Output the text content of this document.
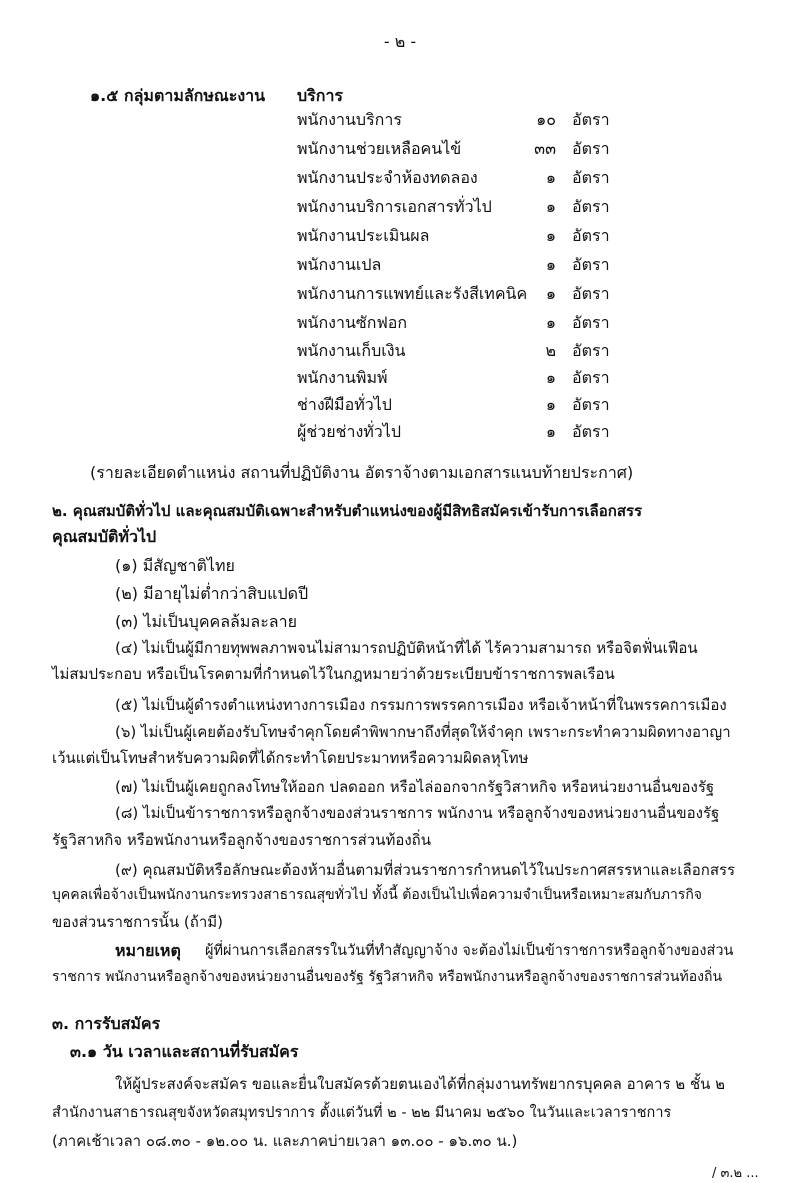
- ๒ -
๑.๕ กลุ่มตามลักษณะงาน บริการ
พนักงานบริการ	๑๐ อัตรา
พนักงานช่วยเหลือคนไข้	๓๓ อัตรา
พนักงานประจำห้องทดลอง	๑ อัตรา
พนักงานบริการเอกสารทั่วไป	๑ อัตรา
พนักงานประเมินผล	๑ อัตรา
พนักงานเปล	๑ อัตรา
พนักงานการแพทย์และรังสีเทคนิค	๑ อัตรา
พนักงานซักฟอก	๑ อัตรา
พนักงานเก็บเงิน	๒ อัตรา
พนักงานพิมพ์	๑ อัตรา
ช่างฝีมือทั่วไป	๑ อัตรา
ผู้ช่วยช่างทั่วไป	๑ อัตรา
(รายละเอียดตำแหน่ง สถานที่ปฏิบัติงาน อัตราจ้างตามเอกสารแนบท้ายประกาศ)
๒. คุณสมบัติทั่วไป และคุณสมบัติเฉพาะสำหรับตำแหน่งของผู้มีสิทธิสมัครเข้ารับการเลือกสรร
คุณสมบัติทั่วไป
(๑) มีสัญชาติไทย
(๒) มีอายุไม่ต่ำกว่าสิบแปดปี
(๓) ไม่เป็นบุคคลล้มละลาย
(๔) ไม่เป็นผู้มีกายทุพพลภาพจนไม่สามารถปฏิบัติหน้าที่ได้ ไร้ความสามารถ หรือจิตฟั่นเฟือน
ไม่สมประกอบ หรือเป็นโรคตามที่กำหนดไว้ในกฎหมายว่าด้วยระเบียบข้าราชการพลเรือน
(๕) ไม่เป็นผู้ดำรงตำแหน่งทางการเมือง กรรมการพรรคการเมือง หรือเจ้าหน้าที่ในพรรคการเมือง
(๖) ไม่เป็นผู้เคยต้องรับโทษจำคุกโดยคำพิพากษาถึงที่สุดให้จำคุก เพราะกระทำความผิดทางอาญา
เว้นแต่เป็นโทษสำหรับความผิดที่ได้กระทำโดยประมาทหรือความผิดลหุโทษ
(๗) ไม่เป็นผู้เคยถูกลงโทษให้ออก ปลดออก หรือไล่ออกจากรัฐวิสาหกิจ หรือหน่วยงานอื่นของรัฐ
(๘) ไม่เป็นข้าราชการหรือลูกจ้างของส่วนราชการ พนักงาน หรือลูกจ้างของหน่วยงานอื่นของรัฐ
รัฐวิสาหกิจ หรือพนักงานหรือลูกจ้างของราชการส่วนท้องถิ่น
(๙) คุณสมบัติหรือลักษณะต้องห้ามอื่นตามที่ส่วนราชการกำหนดไว้ในประกาศสรรหาและเลือกสรร
บุคคลเพื่อจ้างเป็นพนักงานกระทรวงสาธารณสุขทั่วไป ทั้งนี้ ต้องเป็นไปเพื่อความจำเป็นหรือเหมาะสมกับภารกิจ
ของส่วนราชการนั้น (ถ้ามี)
หมายเหตุ ผู้ที่ผ่านการเลือกสรรในวันที่ทำสัญญาจ้าง จะต้องไม่เป็นข้าราชการหรือลูกจ้างของส่วน
ราชการ พนักงานหรือลูกจ้างของหน่วยงานอื่นของรัฐ รัฐวิสาหกิจ หรือพนักงานหรือลูกจ้างของราชการส่วนท้องถิ่น
๓. การรับสมัคร
๓.๑ วัน เวลาและสถานที่รับสมัคร
ให้ผู้ประสงค์จะสมัคร ขอและยื่นใบสมัครด้วยตนเองได้ที่กลุ่มงานทรัพยากรบุคคล อาคาร ๒ ชั้น ๒
สำนักงานสาธารณสุขจังหวัดสมุทรปราการ ตั้งแต่วันที่ ๒ - ๒๒ มีนาคม ๒๕๖๐ ในวันและเวลาราชการ
(ภาคเช้าเวลา ๐๘.๓๐ - ๑๒.๐๐ น. และภาคบ่ายเวลา ๑๓.๐๐ - ๑๖.๓๐ น.)
/ ๓.๒ ...
